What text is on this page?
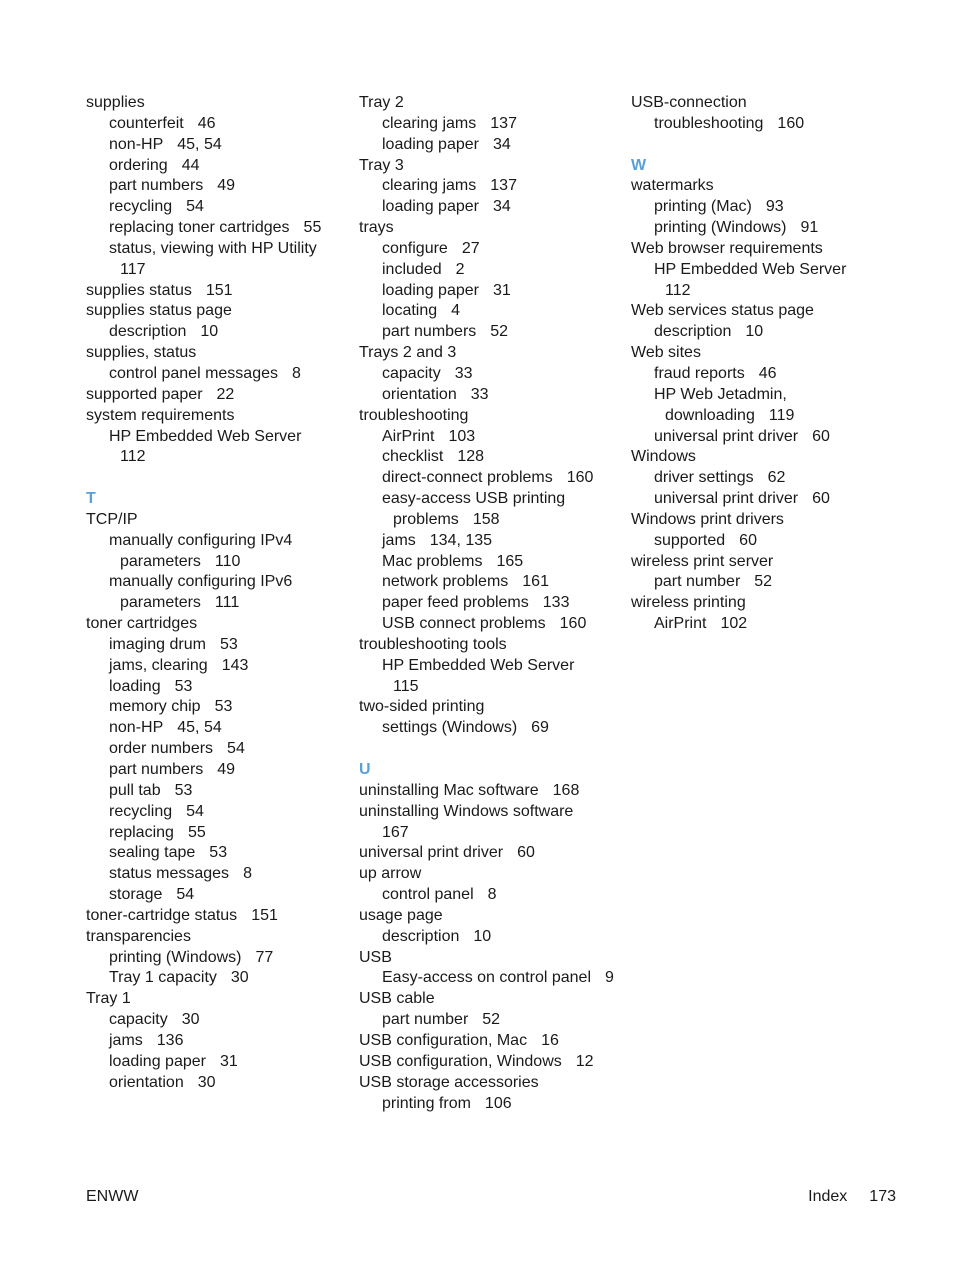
supplies
counterfeit 46
non-HP 45, 54
ordering 44
part numbers 49
recycling 54
replacing toner cartridges 55
status, viewing with HP Utility
117
supplies status 151
supplies status page
description 10
supplies, status
control panel messages 8
supported paper 22
system requirements
HP Embedded Web Server
112
T
TCP/IP
manually configuring IPv4
parameters 110
manually configuring IPv6
parameters 111
toner cartridges
imaging drum 53
jams, clearing 143
loading 53
memory chip 53
non-HP 45, 54
order numbers 54
part numbers 49
pull tab 53
recycling 54
replacing 55
sealing tape 53
status messages 8
storage 54
toner-cartridge status 151
transparencies
printing (Windows) 77
Tray 1 capacity 30
Tray 1
capacity 30
jams 136
loading paper 31
orientation 30
Tray 2
clearing jams 137
loading paper 34
Tray 3
clearing jams 137
loading paper 34
trays
configure 27
included 2
loading paper 31
locating 4
part numbers 52
Trays 2 and 3
capacity 33
orientation 33
troubleshooting
AirPrint 103
checklist 128
direct-connect problems 160
easy-access USB printing
problems 158
jams 134, 135
Mac problems 165
network problems 161
paper feed problems 133
USB connect problems 160
troubleshooting tools
HP Embedded Web Server
115
two-sided printing
settings (Windows) 69
U
uninstalling Mac software 168
uninstalling Windows software
167
universal print driver 60
up arrow
control panel 8
usage page
description 10
USB
Easy-access on control panel 9
USB cable
part number 52
USB configuration, Mac 16
USB configuration, Windows 12
USB storage accessories
printing from 106
USB-connection
troubleshooting 160
W
watermarks
printing (Mac) 93
printing (Windows) 91
Web browser requirements
HP Embedded Web Server
112
Web services status page
description 10
Web sites
fraud reports 46
HP Web Jetadmin,
downloading 119
universal print driver 60
Windows
driver settings 62
universal print driver 60
Windows print drivers
supported 60
wireless print server
part number 52
wireless printing
AirPrint 102
ENWW	Index 173
